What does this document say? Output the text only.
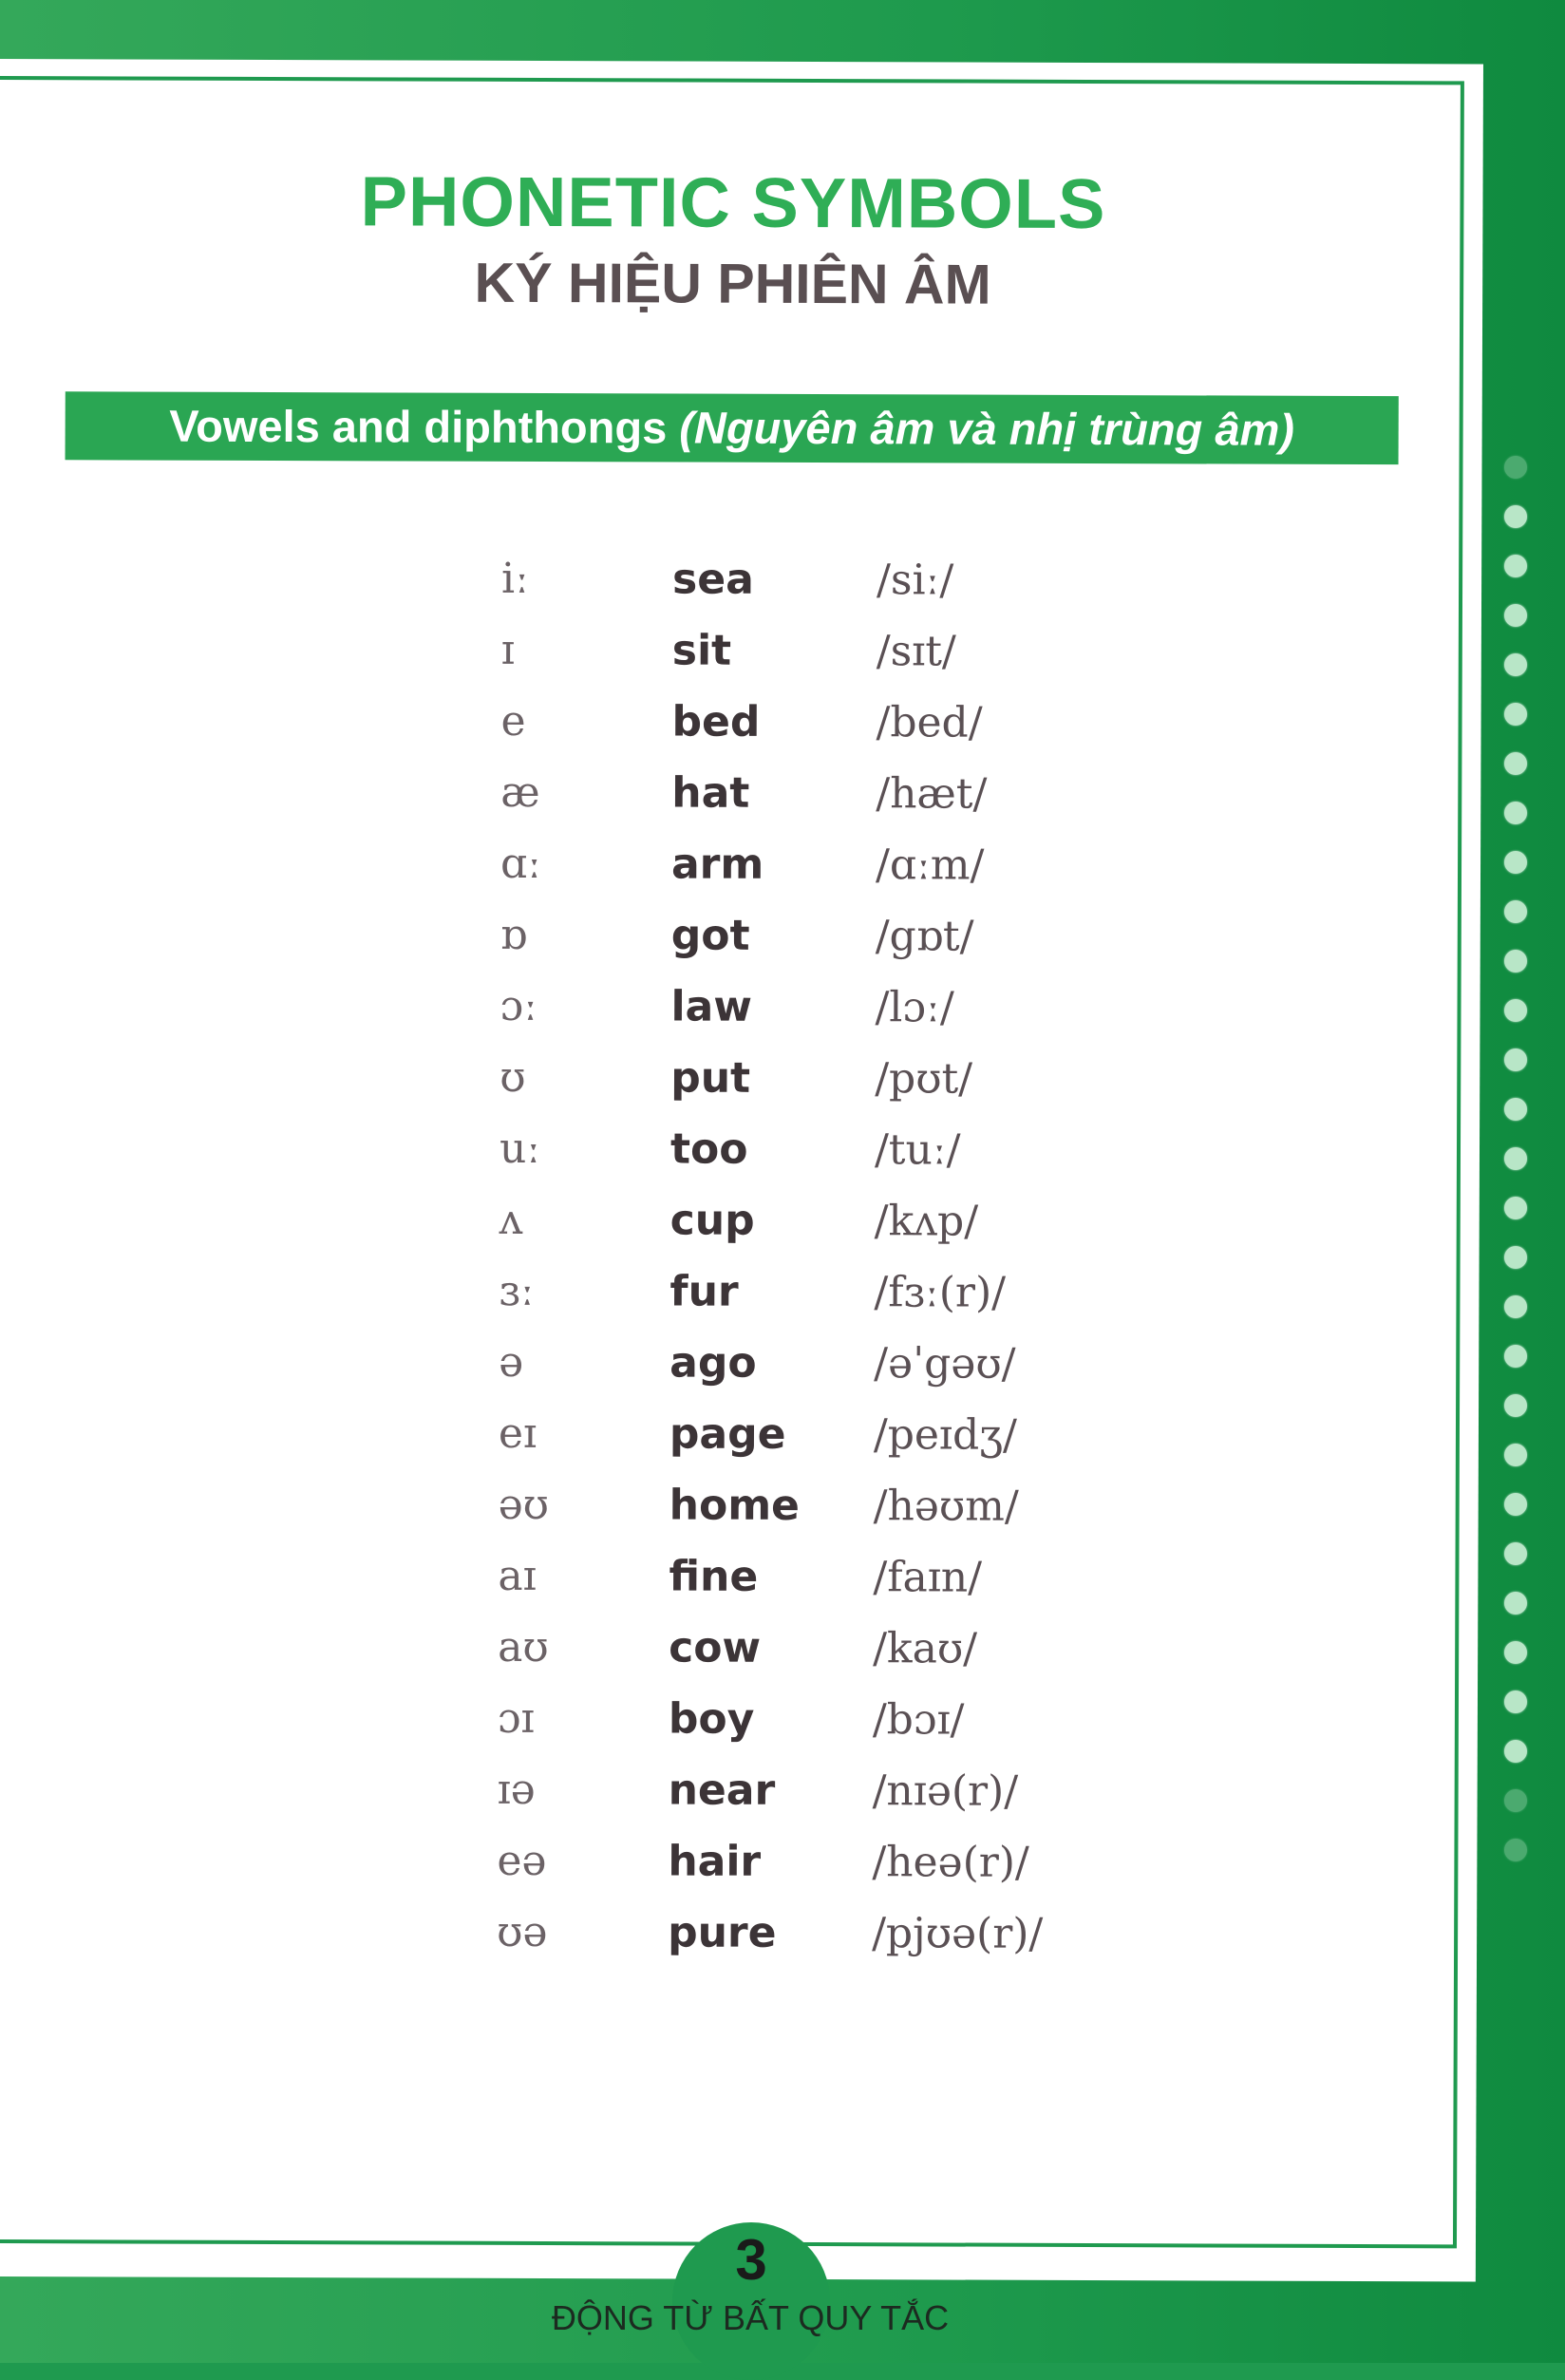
PHONETIC SYMBOLS
KÝ HIỆU PHIÊN ÂM
Vowels and diphthongs (Nguyên âm và nhị trùng âm)
iː	sea	/siː/
ɪ	sit	/sɪt/
e	bed	/bed/
æ	hat	/hæt/
ɑː	arm	/ɑːm/
ɒ	got	/gɒt/
ɔː	law	/lɔː/
ʊ	put	/pʊt/
uː	too	/tuː/
ʌ	cup	/kʌp/
ɜː	fur	/fɜː(r)/
ə	ago	/əˈgəʊ/
eɪ	page /peɪdʒ/
əʊ	home /həʊm/
aɪ	fine	/faɪn/
aʊ	cow	/kaʊ/
ɔɪ	boy	/bɔɪ/
ɪə	near /nɪə(r)/
eə	hair	/heə(r)/
ʊə	pure /pjʊə(r)/
3
ĐỘNG TỪ BẤT QUY TẮC
